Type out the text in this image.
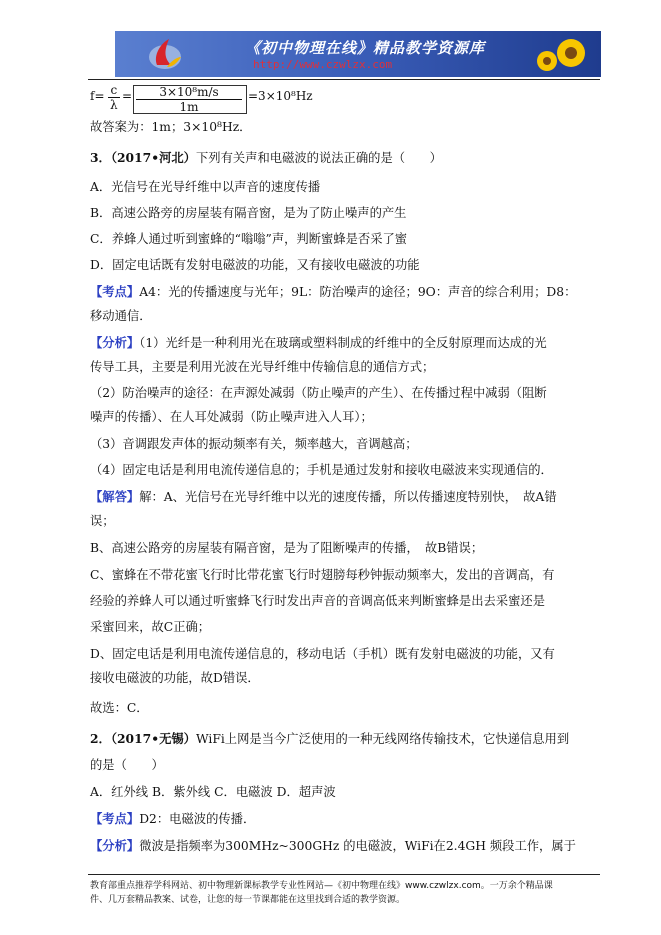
《初中物理在线》精品教学资源库
http://www.czwlzx.com
$f= \frac{c}{\lambda} = \frac{\text{3×10⁸m/s}}{1m} =3\times 10^8Hz$
故答案为：1m；3×10⁸Hz．
3．（2017•河北）下列有关声和电磁波的说法正确的是（　　）
A．光信号在光导纤维中以声音的速度传播
B．高速公路旁的房屋装有隔音窗，是为了防止噪声的产生
C．养蜂人通过听到蜜蜂的“嗡嗡”声，判断蜜蜂是否采了蜜
D．固定电话既有发射电磁波的功能，又有接收电磁波的功能
【考点】A4：光的传播速度与光年；9L：防治噪声的途径；9O：声音的综合利用；D8：
移动通信．
【分析】（1）光纤是一种利用光在玻璃或塑料制成的纤维中的全反射原理而达成的光
传导工具，主要是利用光波在光导纤维中传输信息的通信方式；
（2）防治噪声的途径：在声源处减弱（防止噪声的产生）、在传播过程中减弱（阻断
噪声的传播）、在人耳处减弱（防止噪声进入人耳）；
（3）音调跟发声体的振动频率有关，频率越大，音调越高；
（4）固定电话是利用电流传递信息的；手机是通过发射和接收电磁波来实现通信的．
【解答】解：A、光信号在光导纤维中以光的速度传播，所以传播速度特别快，　故A错
误；
B、高速公路旁的房屋装有隔音窗，是为了阻断噪声的传播，　故B错误；
C、蜜蜂在不带花蜜飞行时比带花蜜飞行时翅膀每秒钟振动频率大，发出的音调高，有
经验的养蜂人可以通过听蜜蜂飞行时发出声音的音调高低来判断蜜蜂是出去采蜜还是
采蜜回来，故C正确；
D、固定电话是利用电流传递信息的，移动电话（手机）既有发射电磁波的功能，又有
接收电磁波的功能，故D错误．
故选：C．
2．（2017•无锡）WiFi上网是当今广泛使用的一种无线网络传输技术，它快递信息用到
的是（　　）
A．红外线 B．紫外线 C．电磁波 D．超声波
【考点】D2：电磁波的传播．
【分析】微波是指频率为300MHz~300GHz 的电磁波，WiFi在2.4GH 频段工作，属于
教育部重点推荐学科网站、初中物理新课标教学专业性网站—《初中物理在线》www.czwlzx.com。一万余个精品课
件、几万套精品教案、试卷，让您的每一节课都能在这里找到合适的教学资源。
